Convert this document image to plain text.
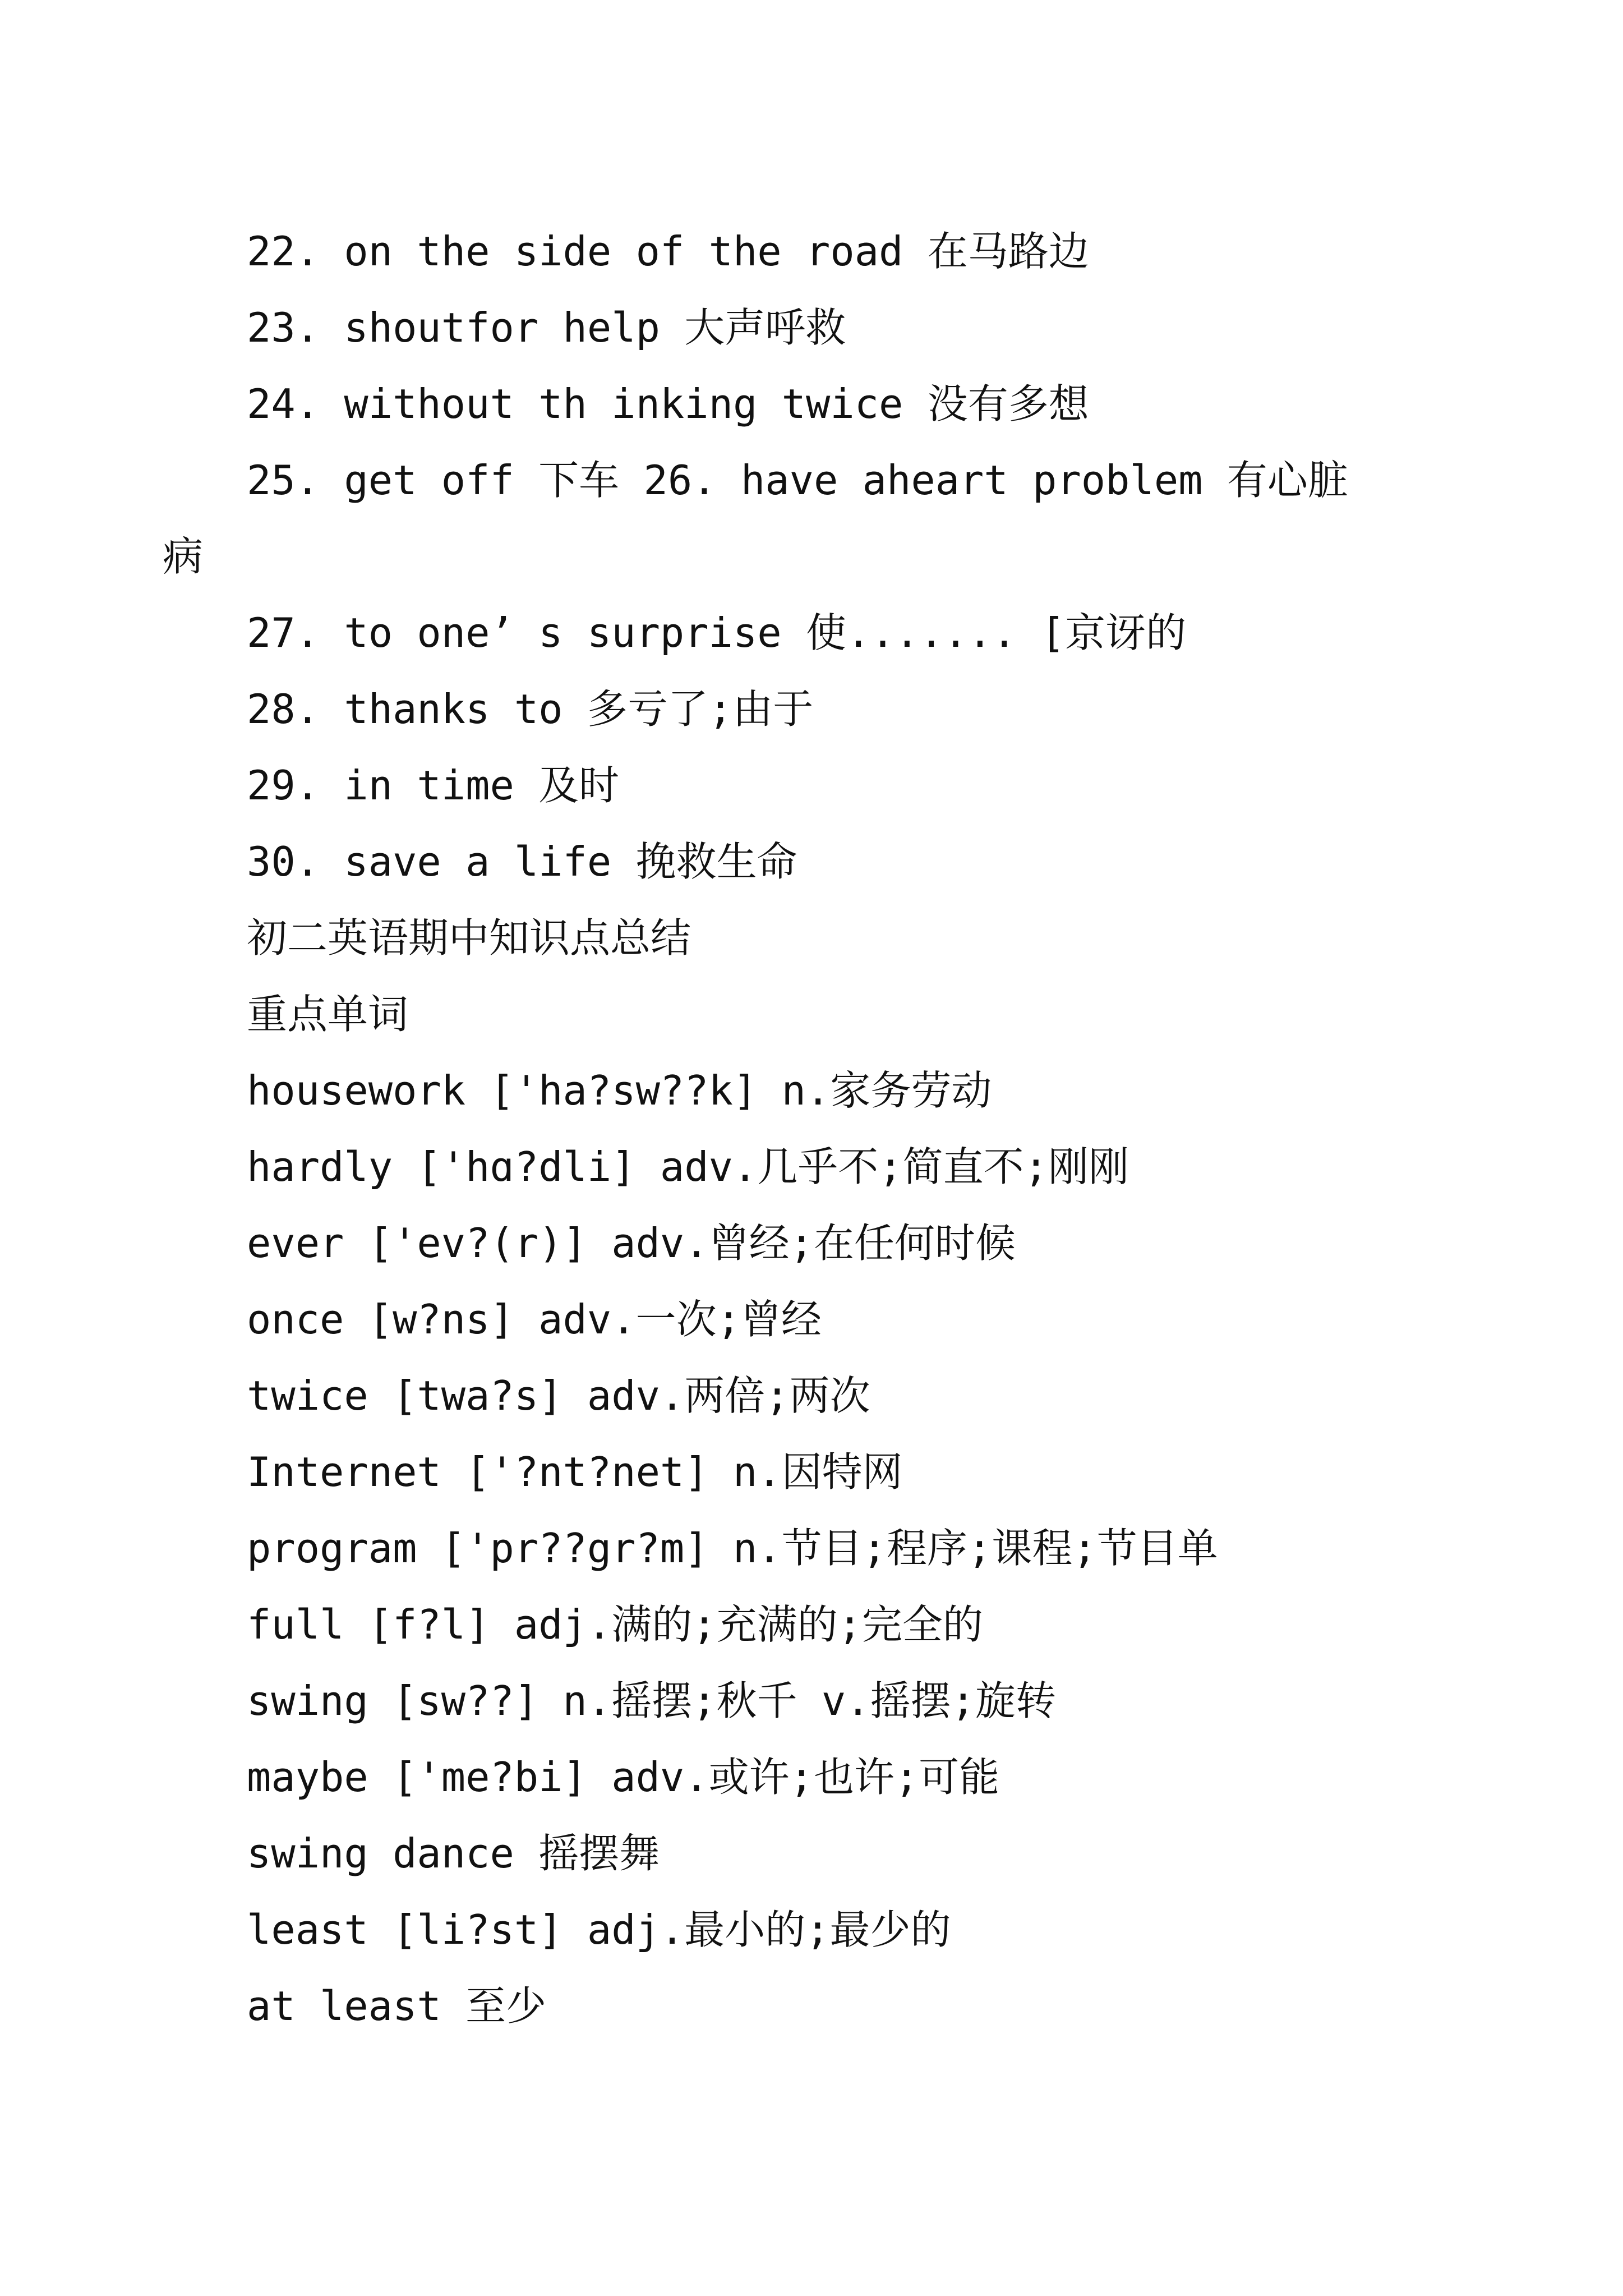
22. on the side of the road 在马路边
23. shoutfor help 大声呼救
24. without th inking twice 没有多想
25. get off 下车 26. have aheart problem 有心脏
病
27. to one’ s surprise 使....... [京讶的
28. thanks to 多亏了;由于
29. in time 及时
30. save a life 挽救生命
初二英语期中知识点总结
重点单词
housework ['ha?sw??k] n.家务劳动
hardly ['hɑ?dli] adv.几乎不;简直不;刚刚
ever ['ev?(r)] adv.曾经;在任何时候
once [w?ns] adv.一次;曾经
twice [twa?s] adv.两倍;两次
Internet ['?nt?net] n.因特网
program ['pr??gr?m] n.节目;程序;课程;节目单
full [f?l] adj.满的;充满的;完全的
swing [sw??] n.摇摆;秋千 v.摇摆;旋转
maybe ['me?bi] adv.或许;也许;可能
swing dance 摇摆舞
least [li?st] adj.最小的;最少的
at least 至少
